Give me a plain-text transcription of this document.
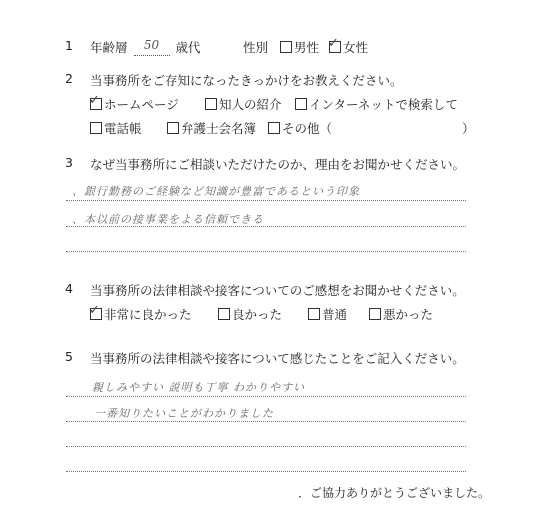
1 年齢層 50 歳代	性別 男性 ✓ 女性
2 当事務所をご存知になったきっかけをお教えください。
✓ ホームページ	知人の紹介	インターネットで検索して
電話帳	弁護士会名簿	その他（	）
3 なぜ当事務所にご相談いただけたのか、理由をお聞かせください。
、銀行勤務のご経験など知識が豊富であるという印象
、本以前の接事業をよる信頼できる
4 当事務所の法律相談や接客についてのご感想をお聞かせください。
✓ 非常に良かった	良かった	普通	悪かった
5 当事務所の法律相談や接客について感じたことをご記入ください。
親しみやすい 説明も丁寧 わかりやすい
一番知りたいことがわかりました
．ご協力ありがとうございました。
